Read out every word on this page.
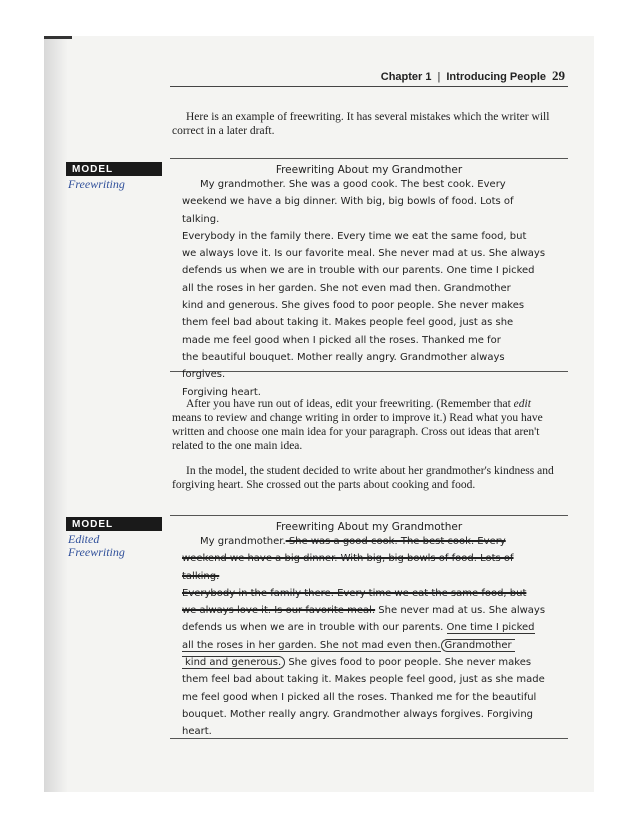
Chapter 1 | Introducing People 29
Here is an example of freewriting. It has several mistakes which the writer will correct in a later draft.
MODEL
Freewriting
Freewriting About my Grandmother
My grandmother. She was a good cook. The best cook. Every
weekend we have a big dinner. With big, big bowls of food. Lots of talking.
Everybody in the family there. Every time we eat the same food, but
we always love it. Is our favorite meal. She never mad at us. She always
defends us when we are in trouble with our parents. One time I picked
all the roses in her garden. She not even mad then. Grandmother
kind and generous. She gives food to poor people. She never makes
them feel bad about taking it. Makes people feel good, just as she
made me feel good when I picked all the roses. Thanked me for
the beautiful bouquet. Mother really angry. Grandmother always forgives.
Forgiving heart.
After you have run out of ideas, edit your freewriting. (Remember that edit means to review and change writing in order to improve it.) Read what you have written and choose one main idea for your paragraph. Cross out ideas that aren't related to the one main idea.
In the model, the student decided to write about her grandmother's kindness and forgiving heart. She crossed out the parts about cooking and food.
MODEL
Edited
Freewriting
Freewriting About my Grandmother
My grandmother. She was a good cook. The best cook. Every
weekend we have a big dinner. With big, big bowls of food. Lots of talking.
Everybody in the family there. Every time we eat the same food, but
we always love it. Is our favorite meal. She never mad at us. She always
defends us when we are in trouble with our parents. One time I picked
all the roses in her garden. She not mad even then. Grandmother
kind and generous. She gives food to poor people. She never makes
them feel bad about taking it. Makes people feel good, just as she made
me feel good when I picked all the roses. Thanked me for the beautiful
bouquet. Mother really angry. Grandmother always forgives. Forgiving
heart.
